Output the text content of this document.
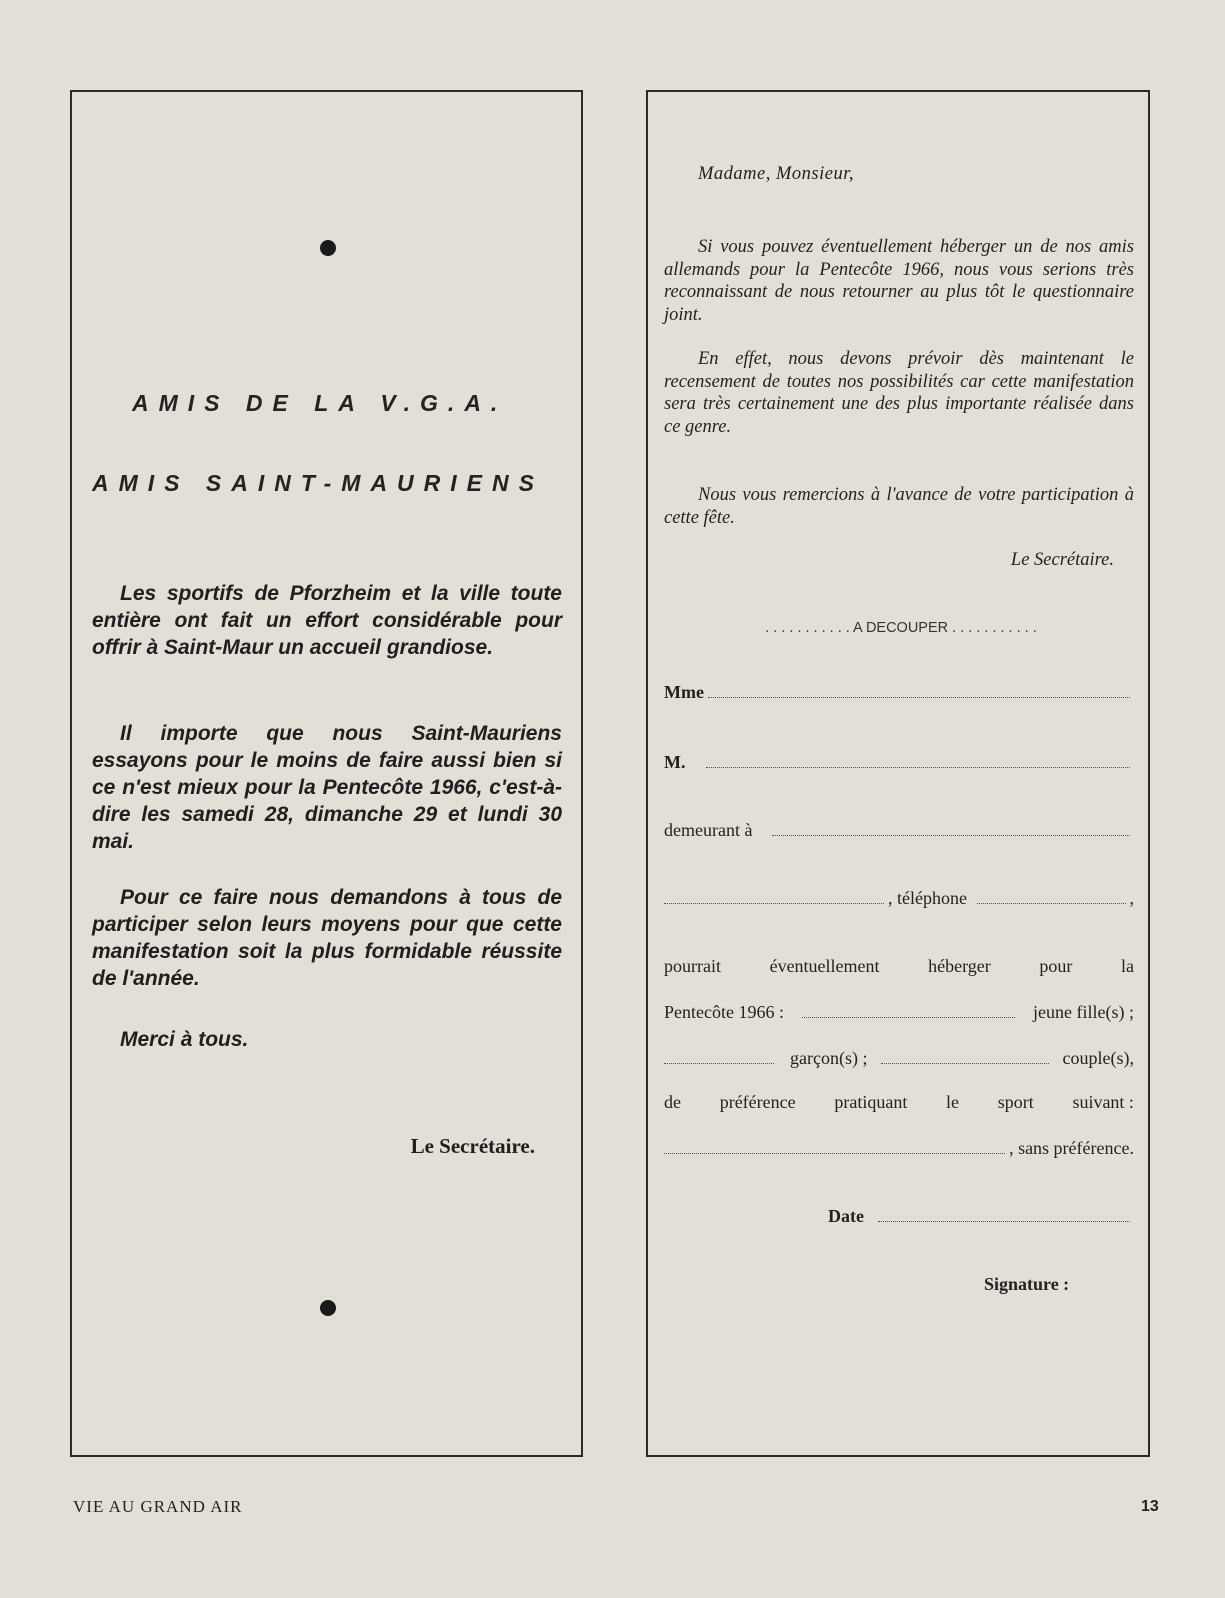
AMIS DE LA V.G.A.
AMIS SAINT-MAURIENS

Les sportifs de Pforzheim et la ville toute entière ont fait un effort considérable pour offrir à Saint-Maur un accueil grandiose.

Il importe que nous Saint-Mauriens essayons pour le moins de faire aussi bien si ce n'est mieux pour la Pentecôte 1966, c'est-à-dire les samedi 28, dimanche 29 et lundi 30 mai.

Pour ce faire nous demandons à tous de participer selon leurs moyens pour que cette manifestation soit la plus formidable réussite de l'année.

Merci à tous.

Le Secrétaire.
Madame, Monsieur,

Si vous pouvez éventuellement héberger un de nos amis allemands pour la Pentecôte 1966, nous vous serions très reconnaissant de nous retourner au plus tôt le questionnaire joint.

En effet, nous devons prévoir dès maintenant le recensement de toutes nos possibilités car cette manifestation sera très certainement une des plus importante réalisée dans ce genre.

Nous vous remercions à l'avance de votre participation à cette fête.

Le Secrétaire.
. . . . . . . . . . . A DECOUPER . . . . . . . . . . .
Mme
M.
demeurant à
, téléphone	,
pourrait	éventuellement	héberger	pour	la
Pentecôte 1966 :	jeune fille(s) ;
garçon(s) ;	couple(s),
de préférence pratiquant le sport suivant :
, sans préférence.
Date
Signature :
VIE AU GRAND AIR	13
